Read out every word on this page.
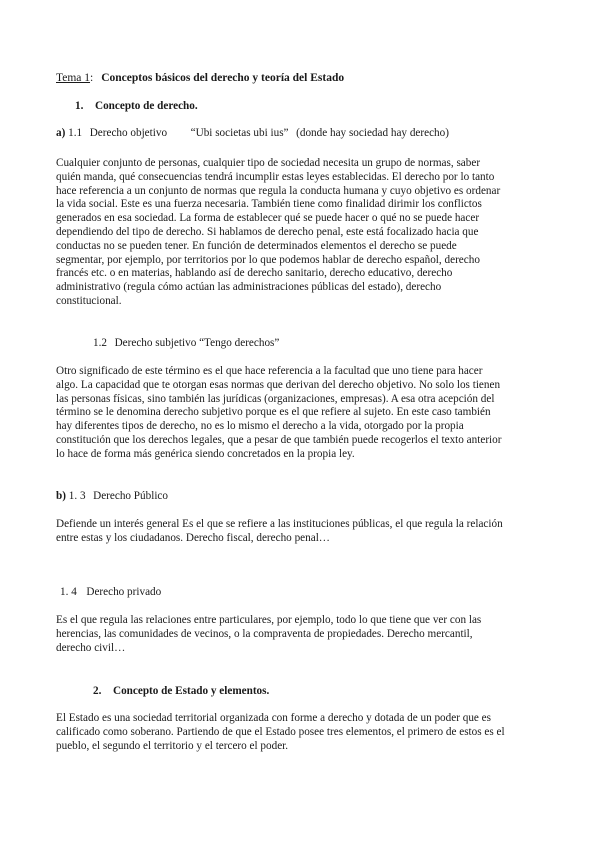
Tema 1: Conceptos básicos del derecho y teoría del Estado
1. Concepto de derecho.
a) 1.1 Derecho objetivo “Ubi societas ubi ius” (donde hay sociedad hay derecho)
Cualquier conjunto de personas, cualquier tipo de sociedad necesita un grupo de normas, saber
quién manda, qué consecuencias tendrá incumplir estas leyes establecidas. El derecho por lo tanto
hace referencia a un conjunto de normas que regula la conducta humana y cuyo objetivo es ordenar
la vida social. Este es una fuerza necesaria. También tiene como finalidad dirimir los conflictos
generados en esa sociedad. La forma de establecer qué se puede hacer o qué no se puede hacer
dependiendo del tipo de derecho. Si hablamos de derecho penal, este está focalizado hacia que
conductas no se pueden tener. En función de determinados elementos el derecho se puede
segmentar, por ejemplo, por territorios por lo que podemos hablar de derecho español, derecho
francés etc. o en materias, hablando así de derecho sanitario, derecho educativo, derecho
administrativo (regula cómo actúan las administraciones públicas del estado), derecho
constitucional.
1.2 Derecho subjetivo “Tengo derechos”
Otro significado de este término es el que hace referencia a la facultad que uno tiene para hacer
algo. La capacidad que te otorgan esas normas que derivan del derecho objetivo. No solo los tienen
las personas físicas, sino también las jurídicas (organizaciones, empresas). A esa otra acepción del
término se le denomina derecho subjetivo porque es el que refiere al sujeto. En este caso también
hay diferentes tipos de derecho, no es lo mismo el derecho a la vida, otorgado por la propia
constitución que los derechos legales, que a pesar de que también puede recogerlos el texto anterior
lo hace de forma más genérica siendo concretados en la propia ley.
b) 1. 3 Derecho Público
Defiende un interés general Es el que se refiere a las instituciones públicas, el que regula la relación
entre estas y los ciudadanos. Derecho fiscal, derecho penal…
1. 4 Derecho privado
Es el que regula las relaciones entre particulares, por ejemplo, todo lo que tiene que ver con las
herencias, las comunidades de vecinos, o la compraventa de propiedades. Derecho mercantil,
derecho civil…
2. Concepto de Estado y elementos.
El Estado es una sociedad territorial organizada con forme a derecho y dotada de un poder que es
calificado como soberano. Partiendo de que el Estado posee tres elementos, el primero de estos es el
pueblo, el segundo el territorio y el tercero el poder.
